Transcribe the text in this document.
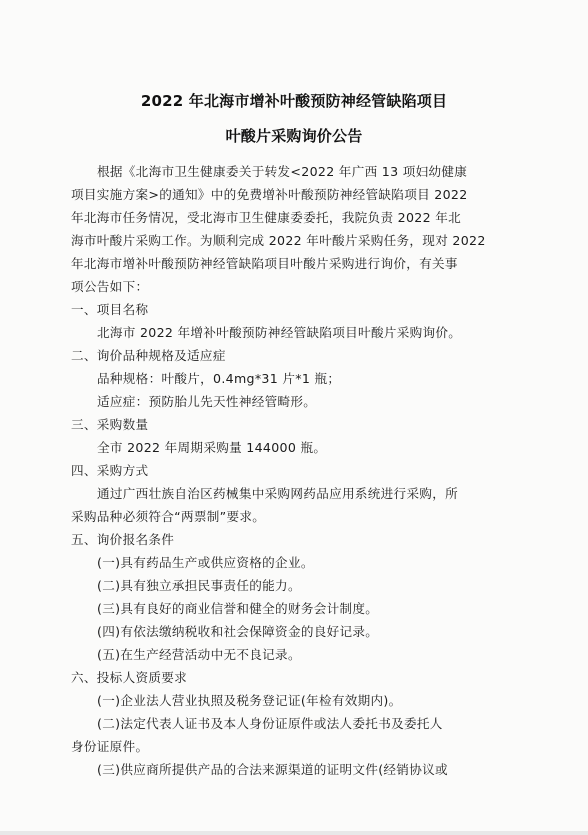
2022 年北海市增补叶酸预防神经管缺陷项目
叶酸片采购询价公告
根据《北海市卫生健康委关于转发<2022 年广西 13 项妇幼健康
项目实施方案>的通知》中的免费增补叶酸预防神经管缺陷项目 2022
年北海市任务情况，受北海市卫生健康委委托，我院负责 2022 年北
海市叶酸片采购工作。为顺利完成 2022 年叶酸片采购任务，现对 2022
年北海市增补叶酸预防神经管缺陷项目叶酸片采购进行询价，有关事
项公告如下：
一、项目名称
北海市 2022 年增补叶酸预防神经管缺陷项目叶酸片采购询价。
二、询价品种规格及适应症
品种规格：叶酸片，0.4mg*31 片*1 瓶；
适应症：预防胎儿先天性神经管畸形。
三、采购数量
全市 2022 年周期采购量 144000 瓶。
四、采购方式
通过广西壮族自治区药械集中采购网药品应用系统进行采购，所
采购品种必须符合“两票制”要求。
五、询价报名条件
(一)具有药品生产或供应资格的企业。
(二)具有独立承担民事责任的能力。
(三)具有良好的商业信誉和健全的财务会计制度。
(四)有依法缴纳税收和社会保障资金的良好记录。
(五)在生产经营活动中无不良记录。
六、投标人资质要求
(一)企业法人营业执照及税务登记证(年检有效期内)。
(二)法定代表人证书及本人身份证原件或法人委托书及委托人
身份证原件。
(三)供应商所提供产品的合法来源渠道的证明文件(经销协议或
